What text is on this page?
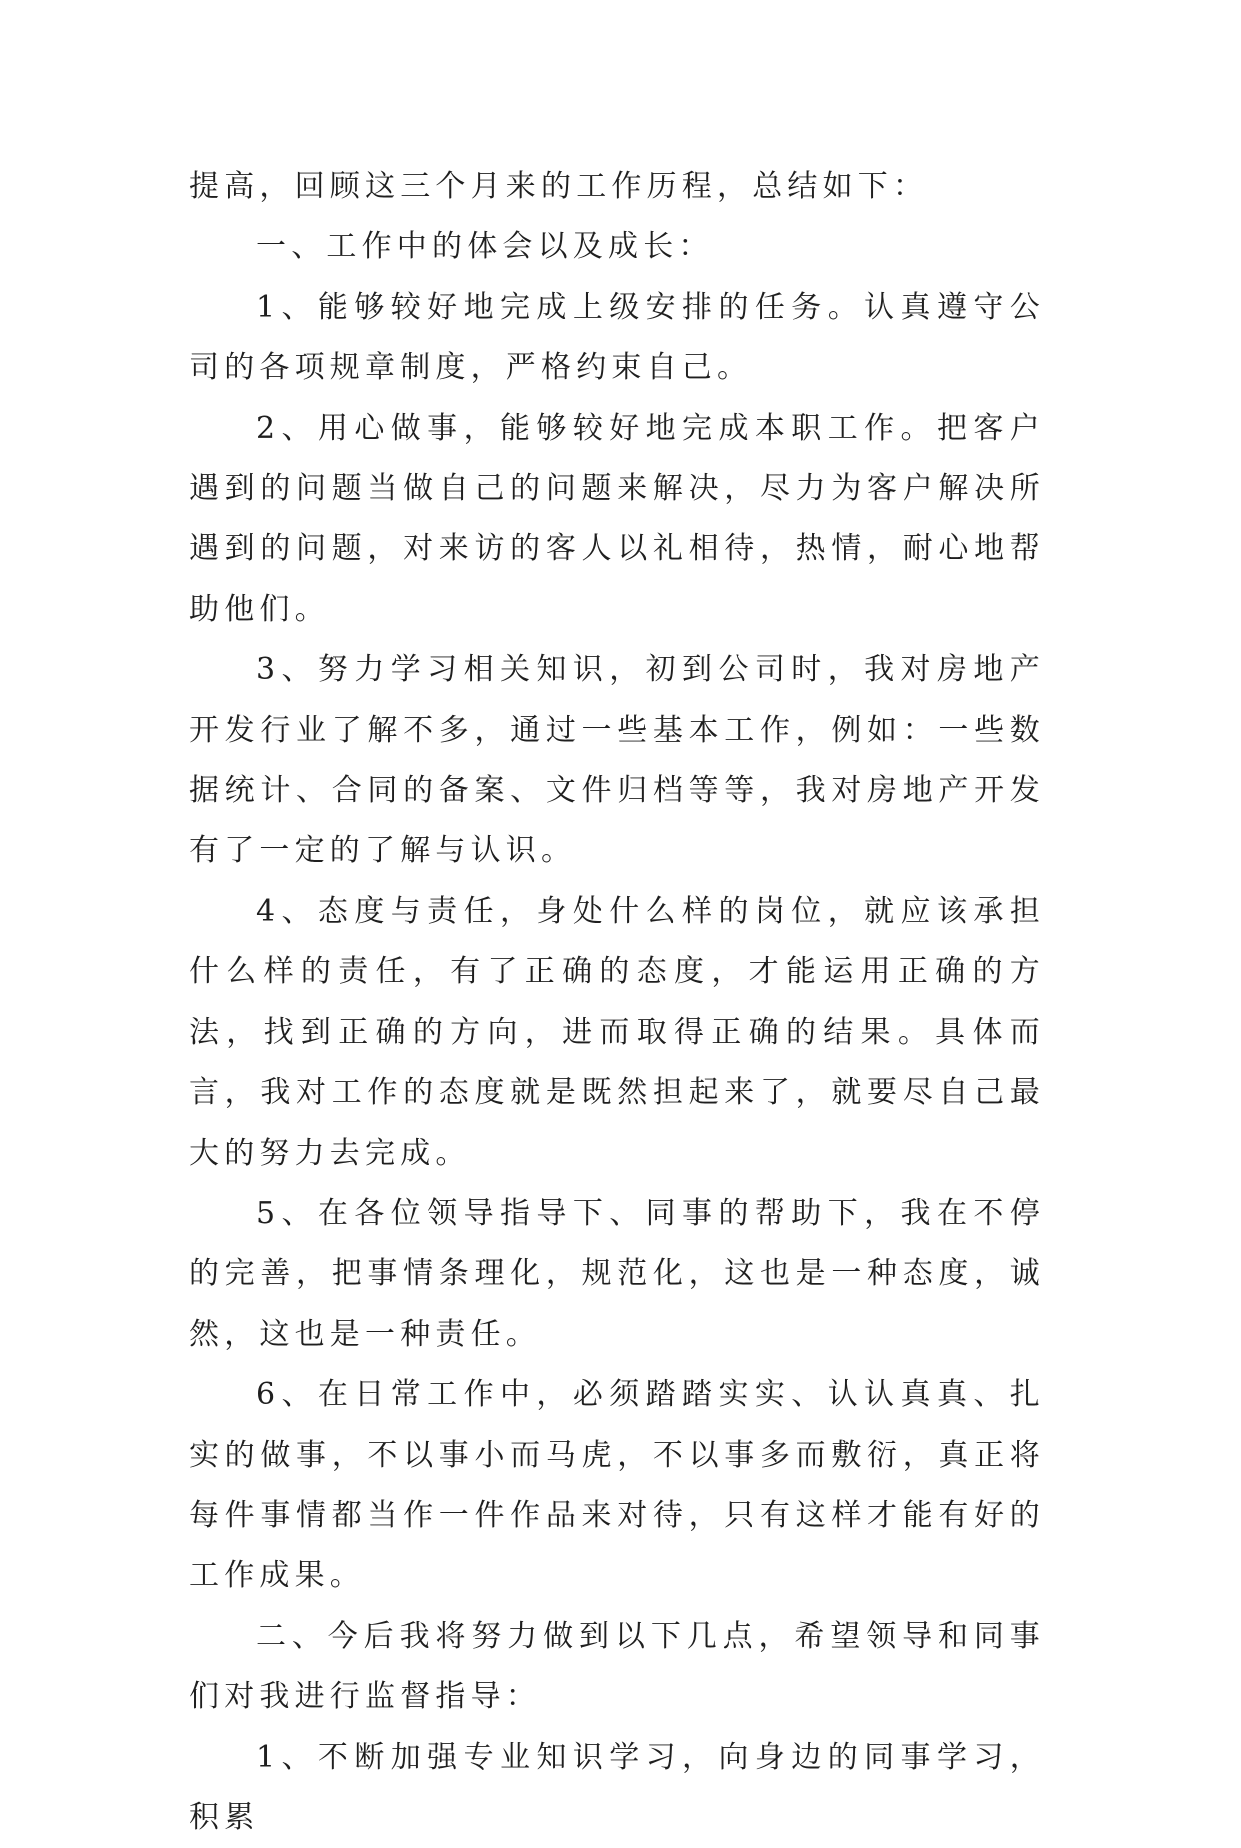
提高，回顾这三个月来的工作历程，总结如下：

一、工作中的体会以及成长：

1、能够较好地完成上级安排的任务。认真遵守公司的各项规章制度，严格约束自己。

2、用心做事，能够较好地完成本职工作。把客户遇到的问题当做自己的问题来解决，尽力为客户解决所遇到的问题，对来访的客人以礼相待，热情，耐心地帮助他们。

3、努力学习相关知识，初到公司时，我对房地产开发行业了解不多，通过一些基本工作，例如：一些数据统计、合同的备案、文件归档等等，我对房地产开发有了一定的了解与认识。

4、态度与责任，身处什么样的岗位，就应该承担什么样的责任，有了正确的态度，才能运用正确的方法，找到正确的方向，进而取得正确的结果。具体而言，我对工作的态度就是既然担起来了，就要尽自己最大的努力去完成。

5、在各位领导指导下、同事的帮助下，我在不停的完善，把事情条理化，规范化，这也是一种态度，诚然，这也是一种责任。

6、在日常工作中，必须踏踏实实、认认真真、扎实的做事，不以事小而马虎，不以事多而敷衍，真正将每件事情都当作一件作品来对待，只有这样才能有好的工作成果。

二、今后我将努力做到以下几点，希望领导和同事们对我进行监督指导：

1、不断加强专业知识学习，向身边的同事学习，积累
